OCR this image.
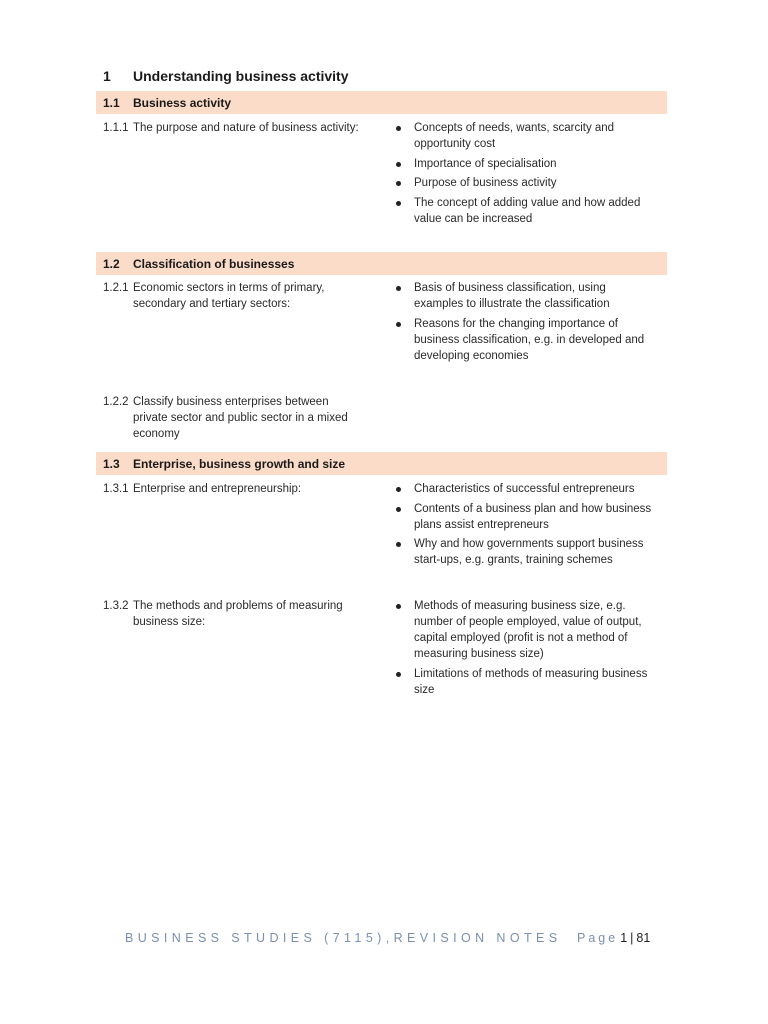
1 Understanding business activity
1.1 Business activity
1.1.1 The purpose and nature of business activity:	Concepts of needs, wants, scarcity and opportunity cost
Importance of specialisation
Purpose of business activity
The concept of adding value and how added value can be increased
1.2 Classification of businesses
1.2.1 Economic sectors in terms of primary, secondary and tertiary sectors:
Basis of business classification, using examples to illustrate the classification
Reasons for the changing importance of business classification, e.g. in developed and developing economies
1.2.2 Classify business enterprises between private sector and public sector in a mixed economy
1.3 Enterprise, business growth and size
1.3.1 Enterprise and entrepreneurship:	Characteristics of successful entrepreneurs
Contents of a business plan and how business plans assist entrepreneurs
Why and how governments support business start-ups, e.g. grants, training schemes
1.3.2 The methods and problems of measuring business size:
Methods of measuring business size, e.g. number of people employed, value of output, capital employed (profit is not a method of measuring business size)
Limitations of methods of measuring business size
BUSINESS STUDIES (7115),REVISION NOTES Page 1 | 81
